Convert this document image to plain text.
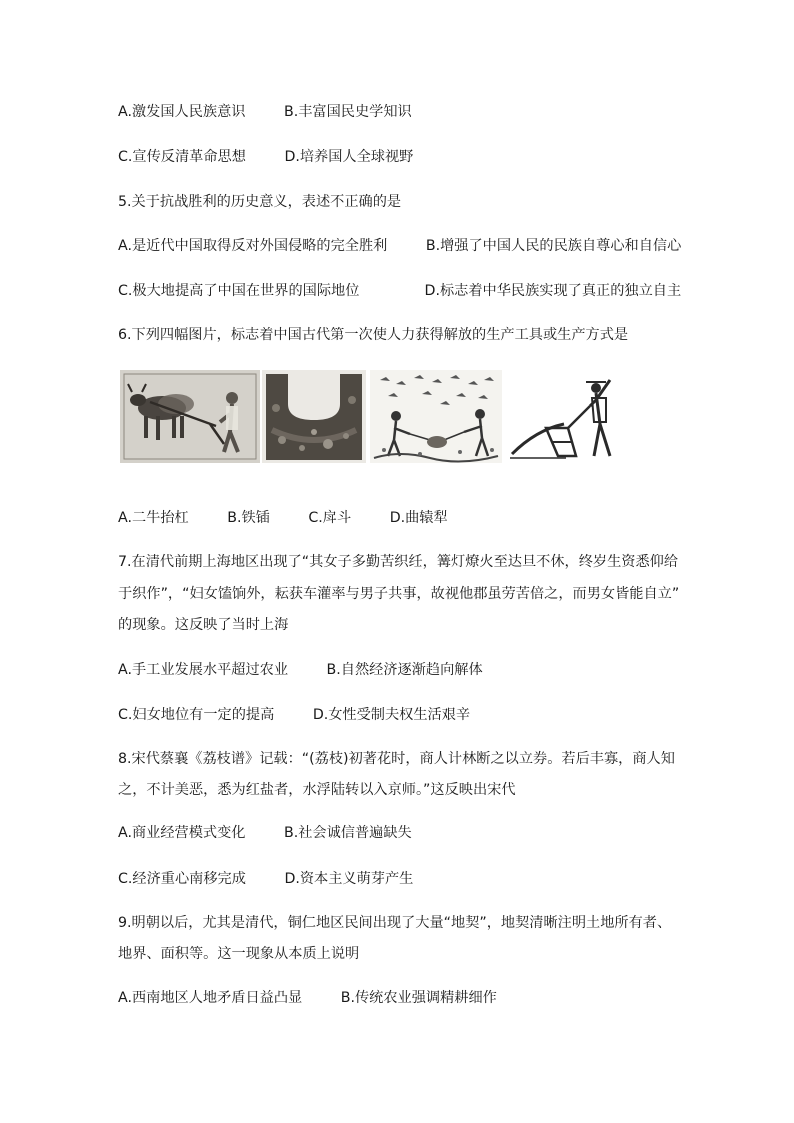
A.激发国人民族意识	B.丰富国民史学知识
C.宣传反清革命思想	D.培养国人全球视野
5.关于抗战胜利的历史意义，表述不正确的是
A.是近代中国取得反对外国侵略的完全胜利	B.增强了中国人民的民族自尊心和自信心
C.极大地提高了中国在世界的国际地位	D.标志着中华民族实现了真正的独立自主
6.下列四幅图片，标志着中国古代第一次使人力获得解放的生产工具或生产方式是
A.二牛抬杠	B.铁锸	C.戽斗	D.曲辕犁
7.在清代前期上海地区出现了“其女子多勤苦织纴，篝灯燎火至达旦不休，终岁生资悉仰给
于织作”，“妇女馌饷外，耘获车灌率与男子共事，故视他郡虽劳苦倍之，而男女皆能自立”
的现象。这反映了当时上海
A.手工业发展水平超过农业	B.自然经济逐渐趋向解体
C.妇女地位有一定的提高	D.女性受制夫权生活艰辛
8.宋代蔡襄《荔枝谱》记载：“(荔枝)初著花时，商人计林断之以立券。若后丰寡，商人知
之，不计美恶，悉为红盐者，水浮陆转以入京师。”这反映出宋代
A.商业经营模式变化	B.社会诚信普遍缺失
C.经济重心南移完成	D.资本主义萌芽产生
9.明朝以后，尤其是清代，铜仁地区民间出现了大量“地契”，地契清晰注明土地所有者、
地界、面积等。这一现象从本质上说明
A.西南地区人地矛盾日益凸显	B.传统农业强调精耕细作
